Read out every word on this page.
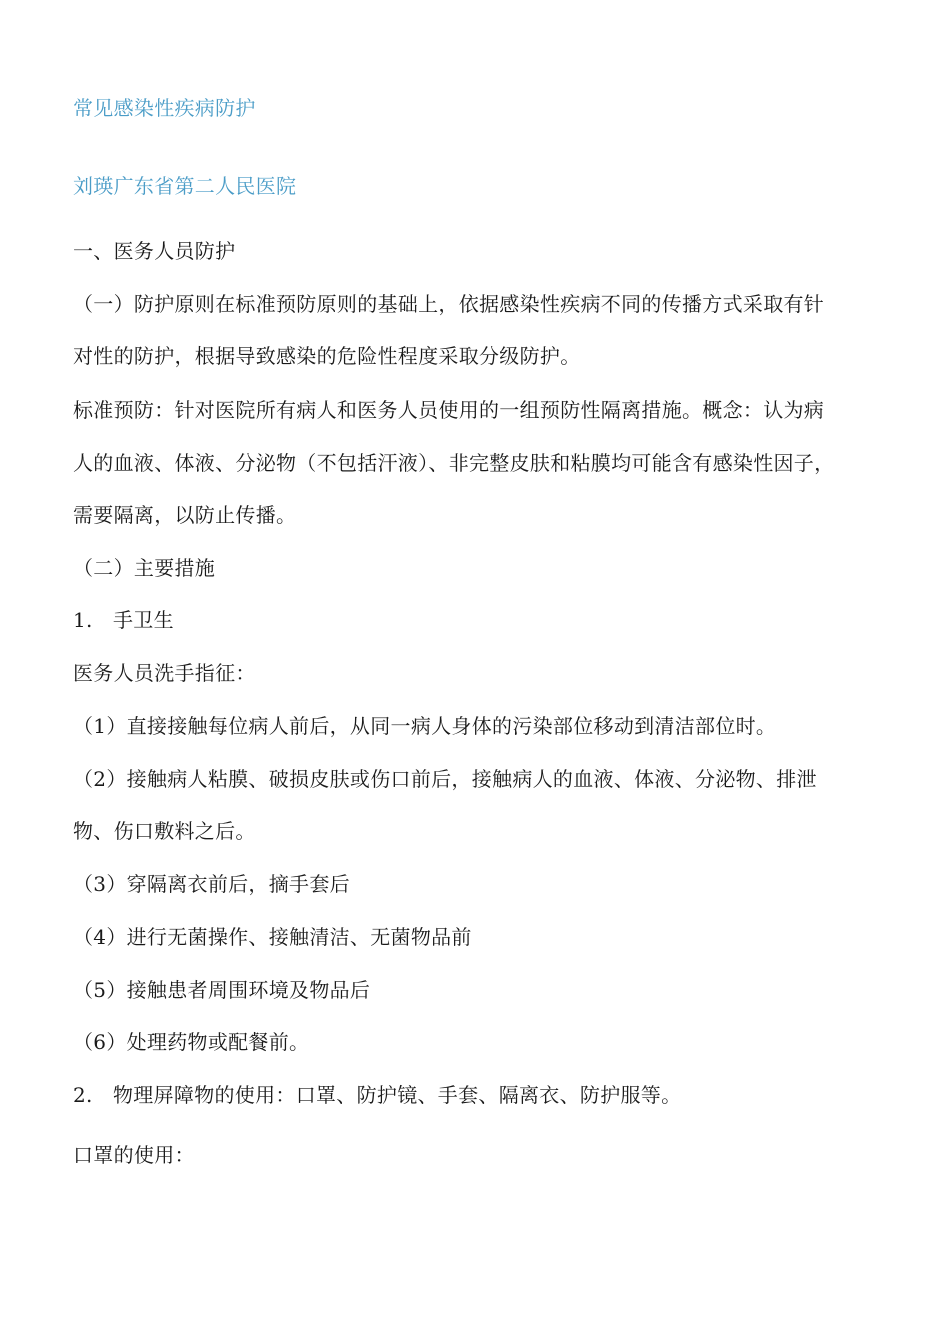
常见感染性疾病防护
刘瑛广东省第二人民医院
一、医务人员防护
（一）防护原则在标准预防原则的基础上，依据感染性疾病不同的传播方式采取有针
对性的防护，根据导致感染的危险性程度采取分级防护。
标准预防：针对医院所有病人和医务人员使用的一组预防性隔离措施。概念：认为病
人的血液、体液、分泌物（不包括汗液）、非完整皮肤和粘膜均可能含有感染性因子，
需要隔离，以防止传播。
（二）主要措施
1. 手卫生
医务人员洗手指征：
（1）直接接触每位病人前后，从同一病人身体的污染部位移动到清洁部位时。
（2）接触病人粘膜、破损皮肤或伤口前后，接触病人的血液、体液、分泌物、排泄
物、伤口敷料之后。
（3）穿隔离衣前后，摘手套后
（4）进行无菌操作、接触清洁、无菌物品前
（5）接触患者周围环境及物品后
（6）处理药物或配餐前。
2. 物理屏障物的使用：口罩、防护镜、手套、隔离衣、防护服等。
口罩的使用：
